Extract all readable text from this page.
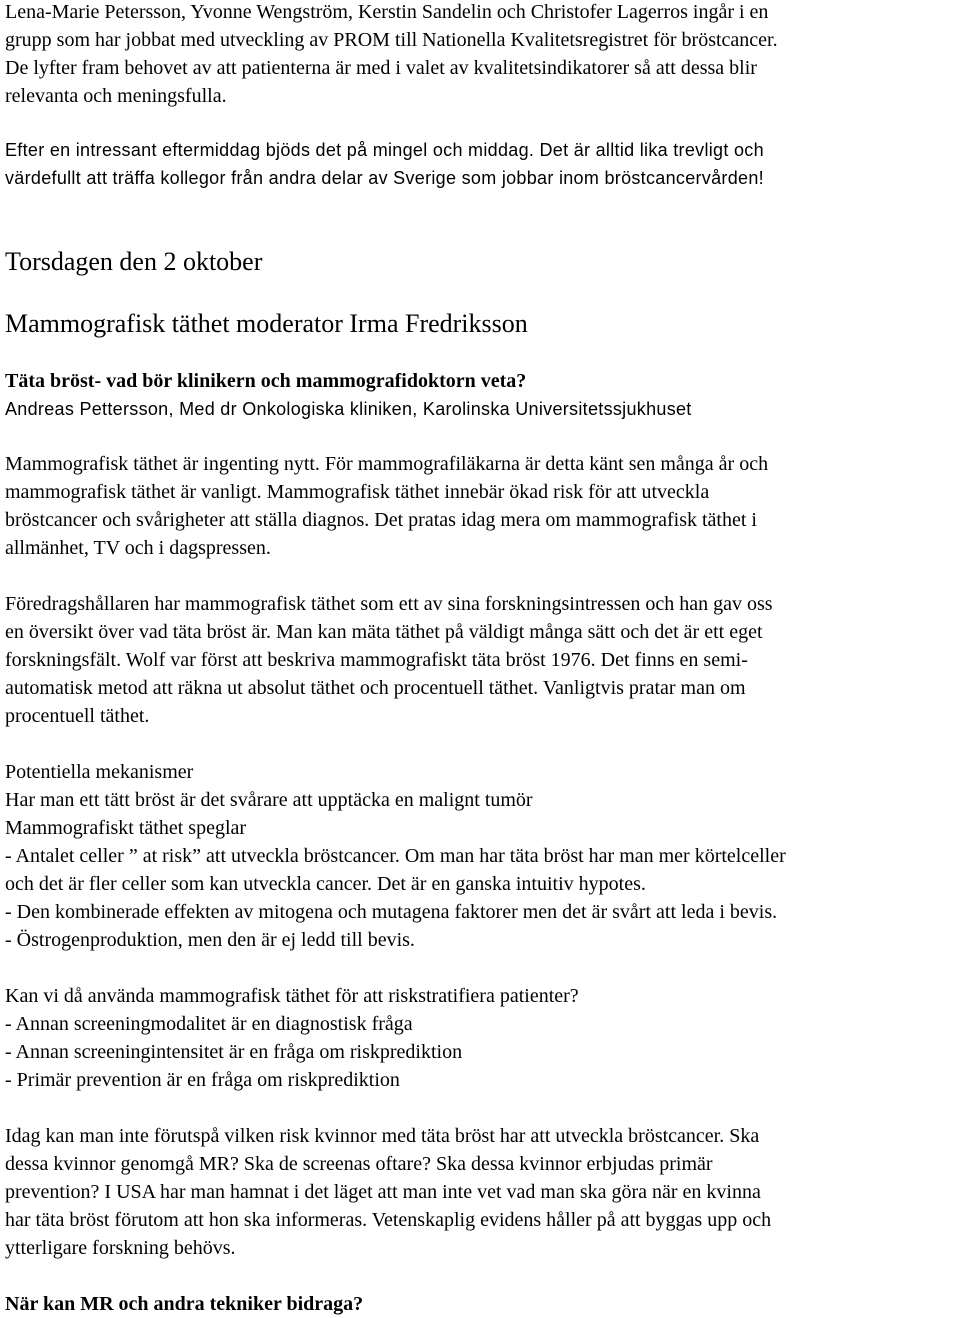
Lena-Marie Petersson, Yvonne Wengström, Kerstin Sandelin och Christofer Lagerros ingår i en
grupp som har jobbat med utveckling av PROM till Nationella Kvalitetsregistret för bröstcancer.
De lyfter fram behovet av att patienterna är med i valet av kvalitetsindikatorer så att dessa blir
relevanta och meningsfulla.
Efter en intressant eftermiddag bjöds det på mingel och middag. Det är alltid lika trevligt och
värdefullt att träffa kollegor från andra delar av Sverige som jobbar inom bröstcancervården!
Torsdagen den 2 oktober
Mammografisk täthet moderator Irma Fredriksson
Täta bröst- vad bör klinikern och mammografidoktorn veta?
Andreas Pettersson, Med dr Onkologiska kliniken, Karolinska Universitetssjukhuset
Mammografisk täthet är ingenting nytt. För mammografiläkarna är detta känt sen många år och
mammografisk täthet är vanligt. Mammografisk täthet innebär ökad risk för att utveckla
bröstcancer och svårigheter att ställa diagnos. Det pratas idag mera om mammografisk täthet i
allmänhet, TV och i dagspressen.
Föredragshållaren har mammografisk täthet som ett av sina forskningsintressen och han gav oss
en översikt över vad täta bröst är. Man kan mäta täthet på väldigt många sätt och det är ett eget
forskningsfält. Wolf var först att beskriva mammografiskt täta bröst 1976. Det finns en semi-
automatisk metod att räkna ut absolut täthet och procentuell täthet. Vanligtvis pratar man om
procentuell täthet.
Potentiella mekanismer
Har man ett tätt bröst är det svårare att upptäcka en malignt tumör
Mammografiskt täthet speglar
- Antalet celler ” at risk” att utveckla bröstcancer. Om man har täta bröst har man mer körtelceller
och det är fler celler som kan utveckla cancer. Det är en ganska intuitiv hypotes.
- Den kombinerade effekten av mitogena och mutagena faktorer men det är svårt att leda i bevis.
- Östrogenproduktion, men den är ej ledd till bevis.
Kan vi då använda mammografisk täthet för att riskstratifiera patienter?
- Annan screeningmodalitet är en diagnostisk fråga
- Annan screeningintensitet är en fråga om riskprediktion
- Primär prevention är en fråga om riskprediktion
Idag kan man inte förutspå vilken risk kvinnor med täta bröst har att utveckla bröstcancer. Ska
dessa kvinnor genomgå MR? Ska de screenas oftare? Ska dessa kvinnor erbjudas primär
prevention? I USA har man hamnat i det läget att man inte vet vad man ska göra när en kvinna
har täta bröst förutom att hon ska informeras. Vetenskaplig evidens håller på att byggas upp och
ytterligare forskning behövs.
När kan MR och andra tekniker bidraga?
